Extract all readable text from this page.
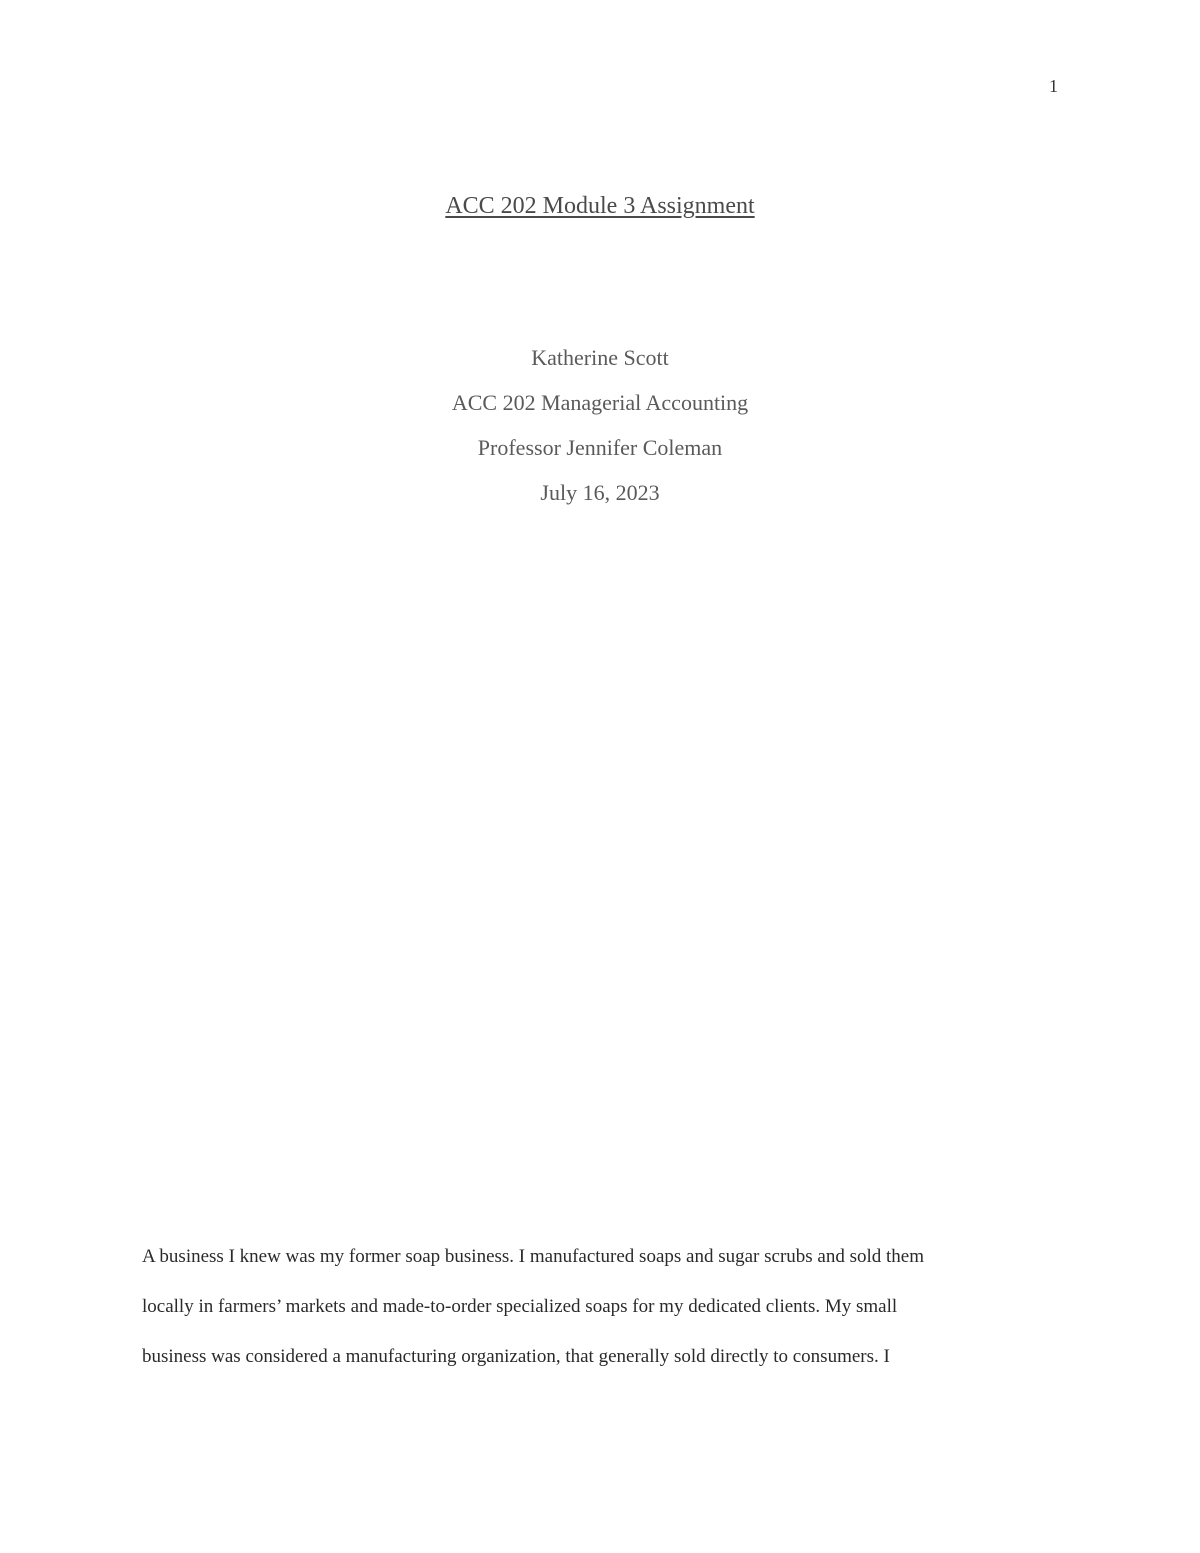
1
ACC 202 Module 3 Assignment
Katherine Scott
ACC 202 Managerial Accounting
Professor Jennifer Coleman
July 16, 2023
A business I knew was my former soap business. I manufactured soaps and sugar scrubs and sold them
locally in farmers’ markets and made-to-order specialized soaps for my dedicated clients. My small
business was considered a manufacturing organization, that generally sold directly to consumers. I
